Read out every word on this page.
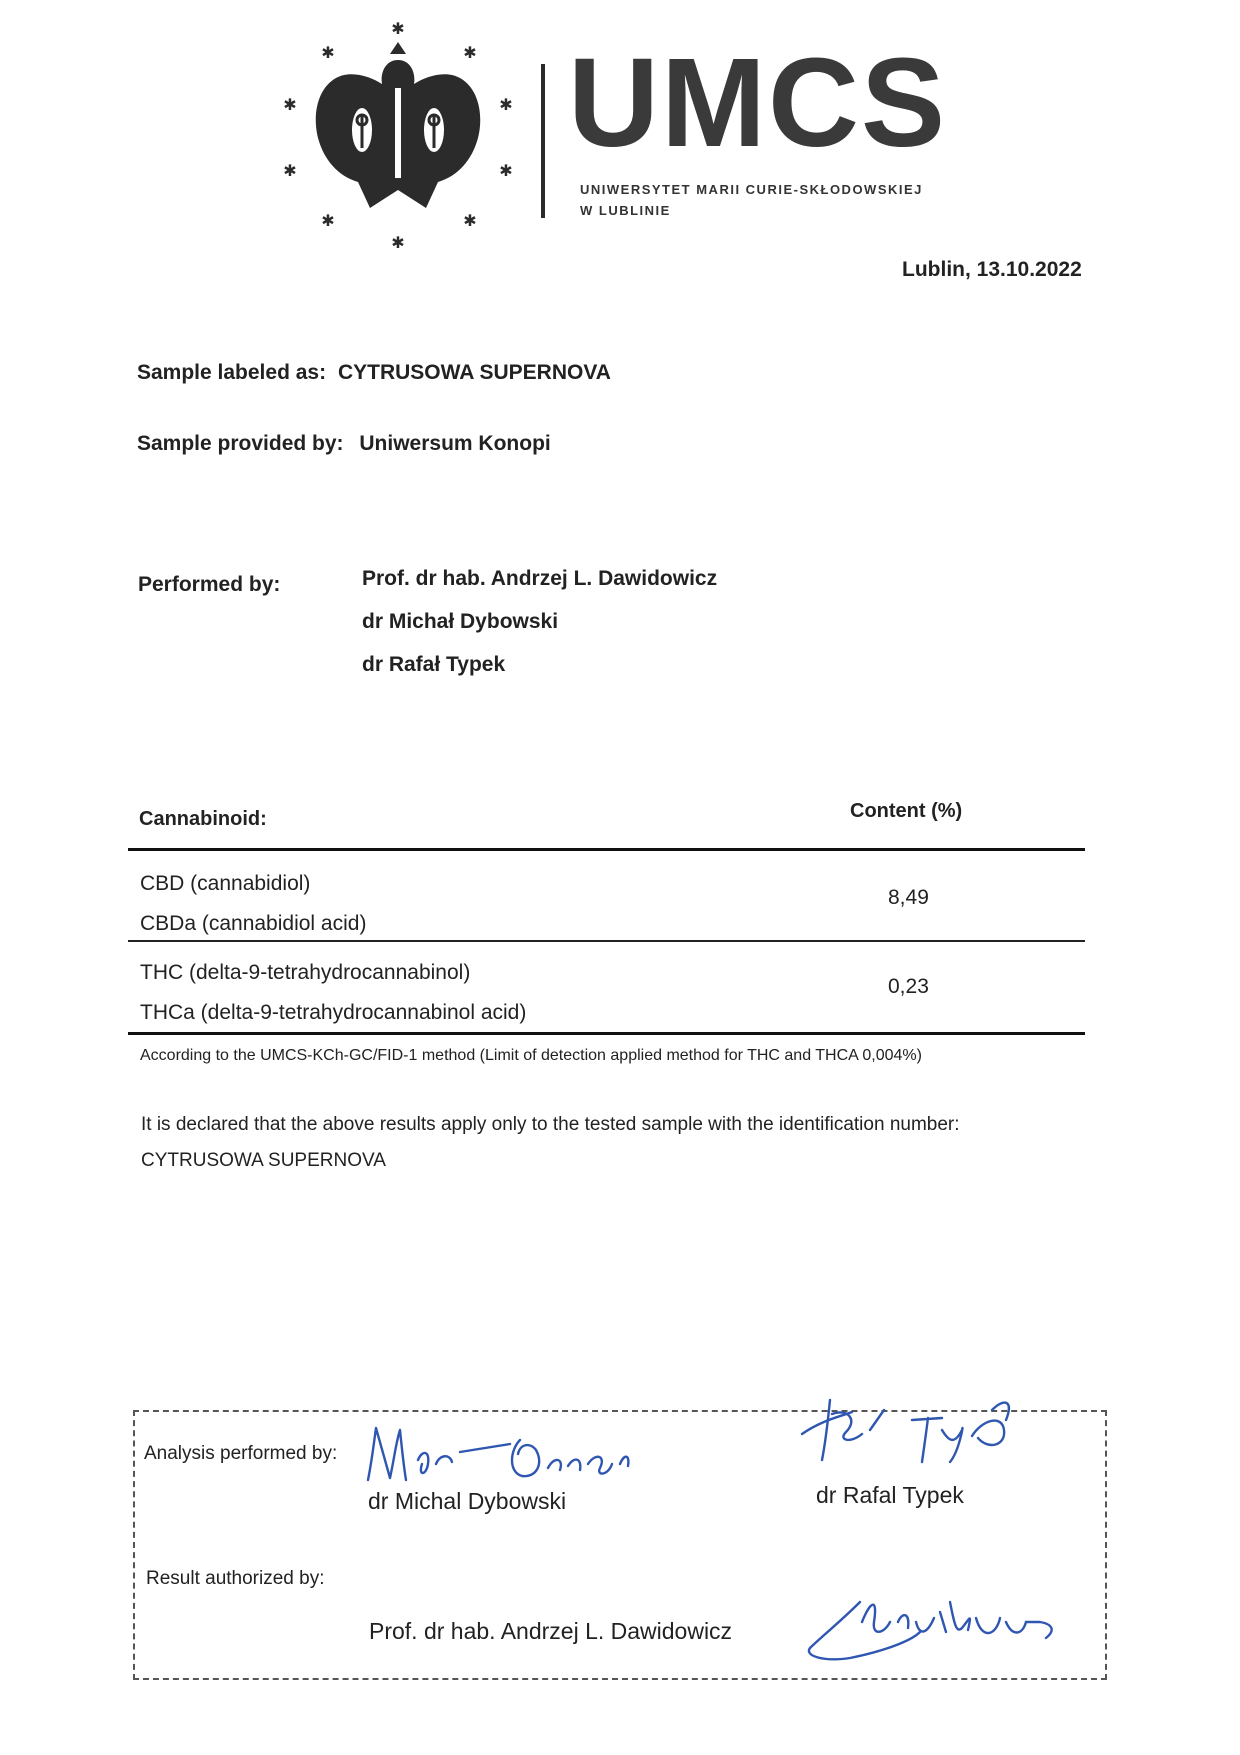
✱
✱	✱
✱	✱
✱	✱
✱	✱
✱
UMCS
UNIWERSYTET MARII CURIE-SKŁODOWSKIEJ
W LUBLINIE
Lublin, 13.10.2022
Sample labeled as: CYTRUSOWA SUPERNOVA
Sample provided by: Uniwersum Konopi
Performed by:	Prof. dr hab. Andrzej L. Dawidowicz
dr Michał Dybowski
dr Rafał Typek
Cannabinoid:	Content (%)
CBD (cannabidiol)
CBDa (cannabidiol acid)
8,49
THC (delta-9-tetrahydrocannabinol)
THCa (delta-9-tetrahydrocannabinol acid)
0,23
According to the UMCS-KCh-GC/FID-1 method (Limit of detection applied method for THC and THCA 0,004%)
It is declared that the above results apply only to the tested sample with the identification number:
CYTRUSOWA SUPERNOVA
Analysis performed by:
dr Michal Dybowski	dr Rafal Typek
Result authorized by:
Prof. dr hab. Andrzej L. Dawidowicz
